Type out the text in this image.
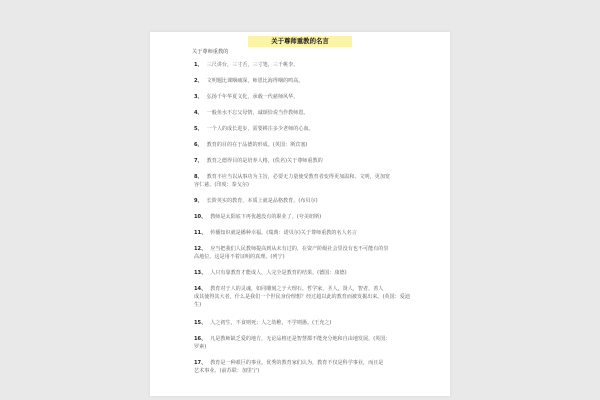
关于尊师重教的名言
关于尊师重教的
1、 三尺讲台，三寸舌，三寸笔，三千桃李。
2、 文明题比课咽痛深，师恩比海得咽的鸣高。
3、 弘扬千年华夏文化，承载一代慈师风华。
4、 一般鱼水不忘父母情，诚颂恰说当作教师恩。
5、 一个人的成长进步，需要耕注多少老师的心血。
6、 教育的目的在于品德的形成。(英国：斯宾塞)
7、 教育之德得目的是培养人格。(佚名)关于尊师重教的
8、 教育不应当以从事功为主旨，必要无力量使受教育者变得更加温和、文明，更加宽
容仁慈。(印度：泰戈尔)
9、 长阶英实的教育，本质上就是品格教育。(布贝尔)
10、 教师是太阳底下再优越没有的职业了。(夸美纽斯)
11、 传播知识就是播种幸福。(瑞典：诺贝尔)关于尊师重教的名人名言
12、 应当把我们人民教师提高到从未有过的，在资产阶级社会里没有也不可能有的崇
高地位，这是用不着证明的真理。(列宁)
13、 人只有靠教育才能成人，人完全是教育的结果。(德国：康德)
14、 教育对于人的灵魂，如同雕刻之于大理石。哲学家，圣人，贤人，智者，善人
成其使得其大者，什么是我们一个世民身份理想？经过超以此的教育而被发掘出来。(英国：爱迪生)
15、 人之初生，不食则死；人之幼稚，不学则愚。(王充之)
16、 凡是教师缺乏爱的地方，无论品格还是智慧都不能充分地和自由地发展。(英国：
罗素)
17、 教育是一种艰巨的事业。优秀的教育家们认为，教育不仅是科学事业，而且是
艺术事业。(前苏联：加里宁)
